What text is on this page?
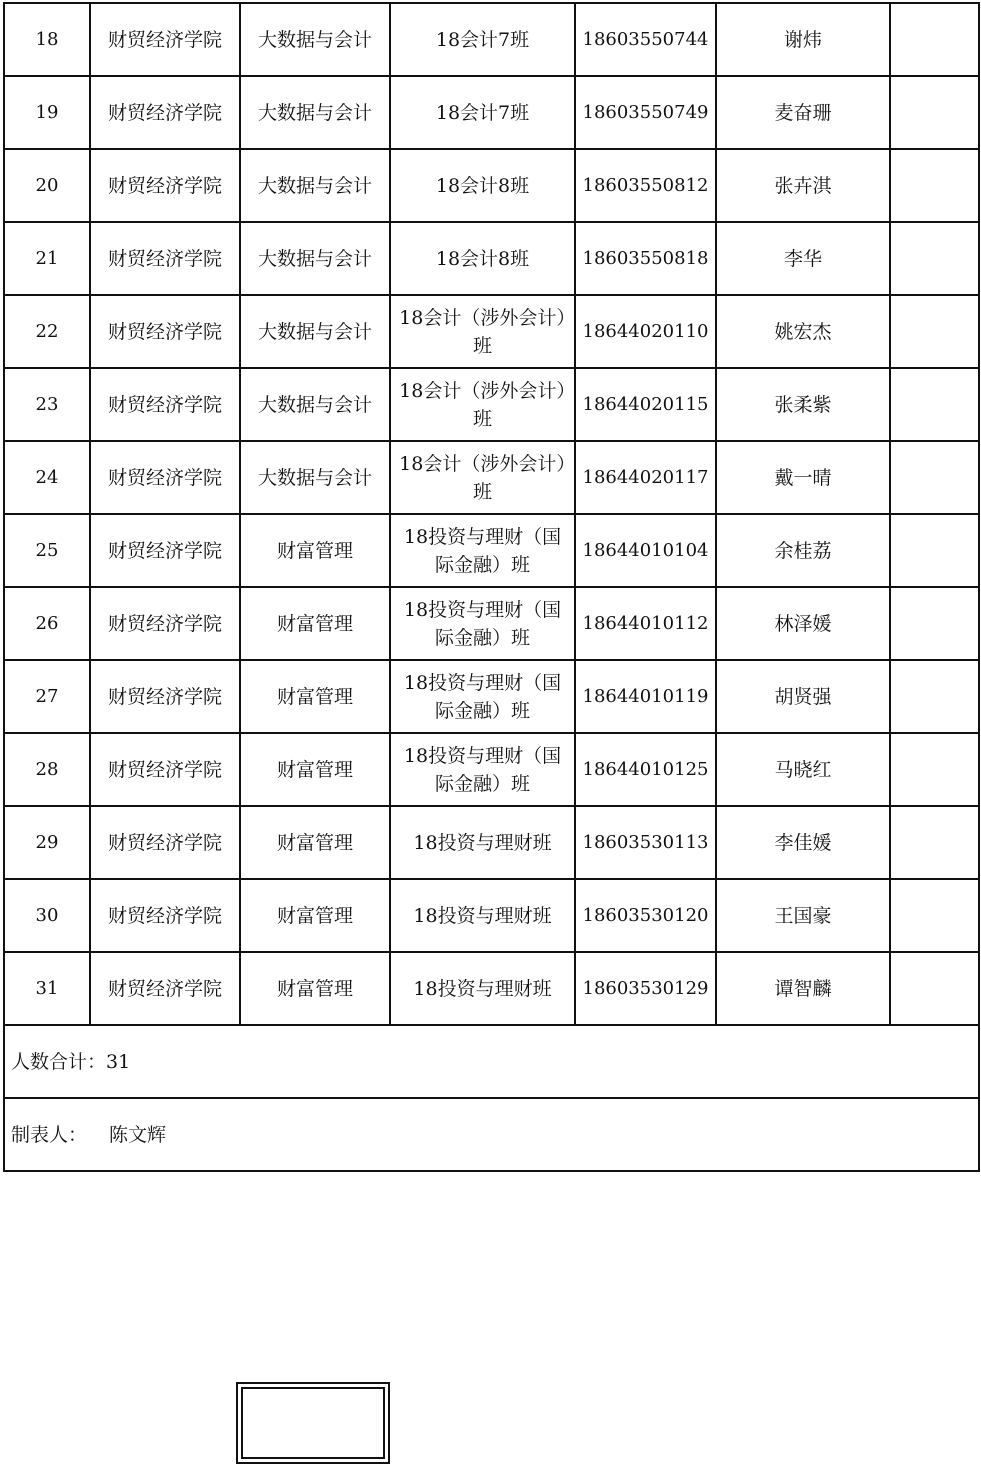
18	财贸经济学院	大数据与会计	18会计7班	18603550744	谢炜	
19	财贸经济学院	大数据与会计	18会计7班	18603550749	麦奋珊	
20	财贸经济学院	大数据与会计	18会计8班	18603550812	张卉淇	
21	财贸经济学院	大数据与会计	18会计8班	18603550818	李华	
22	财贸经济学院	大数据与会计	18会计（涉外会计）班	18644020110	姚宏杰	
23	财贸经济学院	大数据与会计	18会计（涉外会计）班	18644020115	张柔紫	
24	财贸经济学院	大数据与会计	18会计（涉外会计）班	18644020117	戴一晴	
25	财贸经济学院	财富管理	18投资与理财（国际金融）班	18644010104	余桂荔	
26	财贸经济学院	财富管理	18投资与理财（国际金融）班	18644010112	林泽媛	
27	财贸经济学院	财富管理	18投资与理财（国际金融）班	18644010119	胡贤强	
28	财贸经济学院	财富管理	18投资与理财（国际金融）班	18644010125	马晓红	
29	财贸经济学院	财富管理	18投资与理财班	18603530113	李佳媛	
30	财贸经济学院	财富管理	18投资与理财班	18603530120	王国豪	
31	财贸经济学院	财富管理	18投资与理财班	18603530129	谭智麟	
人数合计：31						
制表人： 陈文辉						
